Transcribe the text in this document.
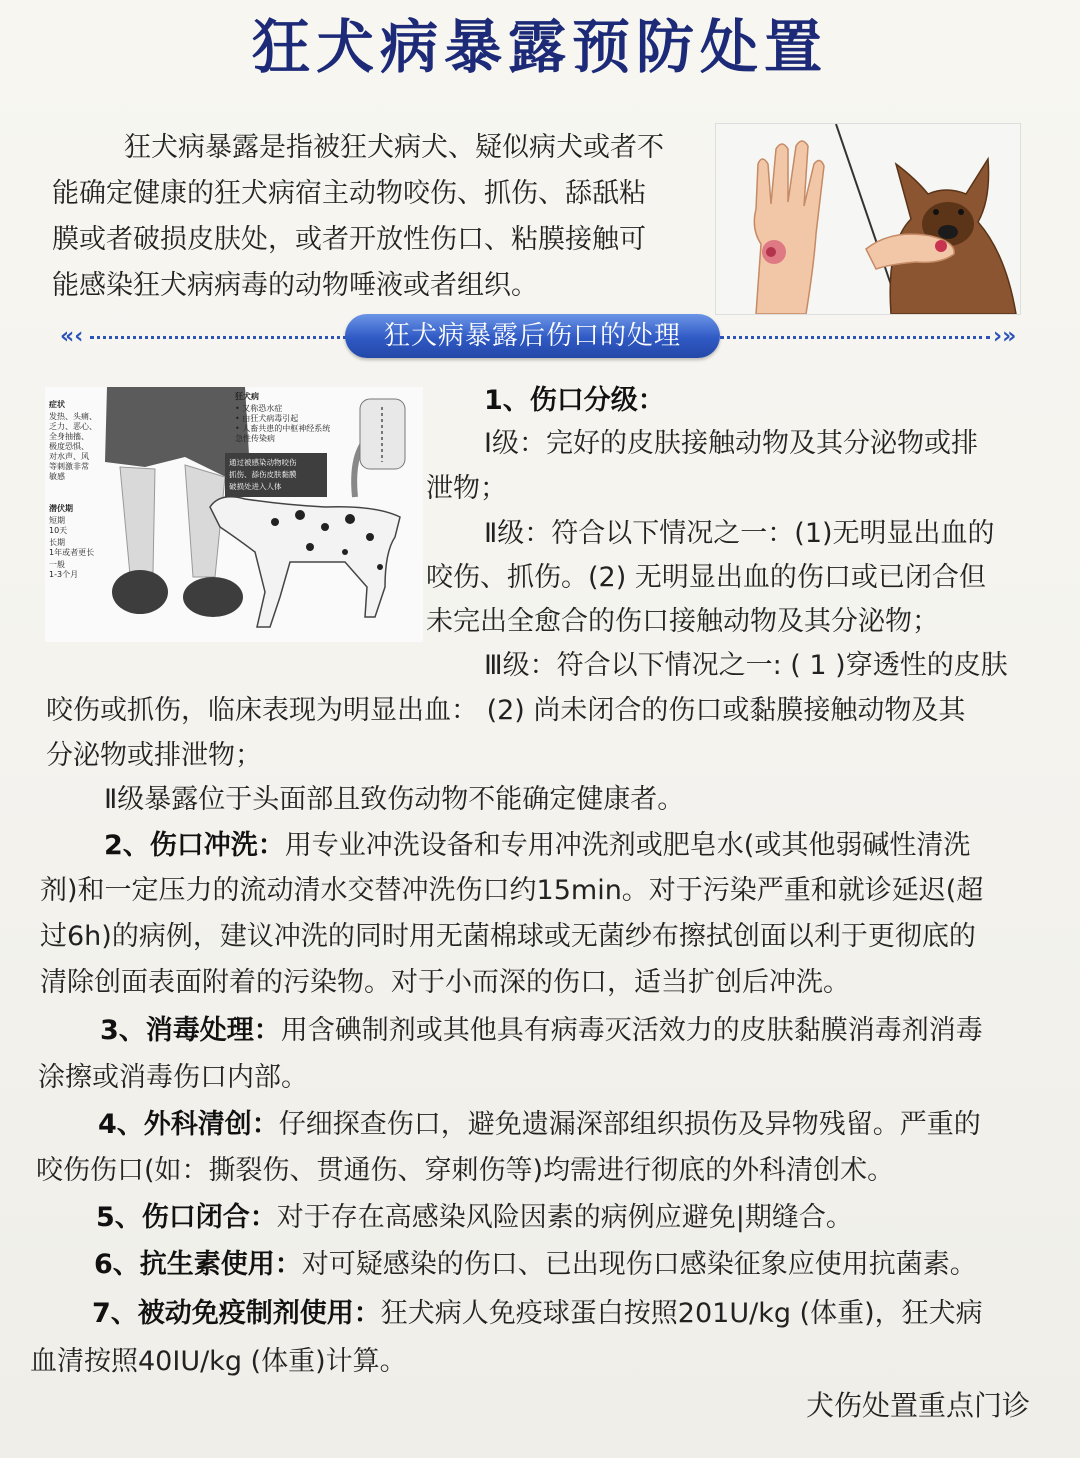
狂犬病暴露预防处置
狂犬病暴露是指被狂犬病犬、疑似病犬或者不
能确定健康的狂犬病宿主动物咬伤、抓伤、舔舐粘
膜或者破损皮肤处，或者开放性伤口、粘膜接触可
能感染狂犬病病毒的动物唾液或者组织。
«‹	狂犬病暴露后伤口的处理	›»
通过被感染动物咬伤
抓伤、舔伤皮肤黏膜
破损处进入人体
症状
发热、头痛、
乏力、恶心、
全身抽搐、
极度恐惧、
对水声、风
等刺激非常
敏感
潜伏期
短期
10天
长期
1年或者更长
一般
1-3个月
狂犬病
• 又称恐水症
• 由狂犬病毒引起
• 人畜共患的中枢神经系统
急性传染病
1、伤口分级：
Ⅰ级：完好的皮肤接触动物及其分泌物或排
泄物；
Ⅱ级：符合以下情况之一：(1)无明显出血的
咬伤、抓伤。(2) 无明显出血的伤口或已闭合但
未完出全愈合的伤口接触动物及其分泌物；
Ⅲ级：符合以下情况之一: ( 1 )穿透性的皮肤
咬伤或抓伤，临床表现为明显出血： (2) 尚未闭合的伤口或黏膜接触动物及其
分泌物或排泄物；
Ⅱ级暴露位于头面部且致伤动物不能确定健康者。
2、伤口冲洗：用专业冲洗设备和专用冲洗剂或肥皂水(或其他弱碱性清洗
剂)和一定压力的流动清水交替冲洗伤口约15min。对于污染严重和就诊延迟(超
过6h)的病例，建议冲洗的同时用无菌棉球或无菌纱布擦拭创面以利于更彻底的
清除创面表面附着的污染物。对于小而深的伤口，适当扩创后冲洗。
3、消毒处理：用含碘制剂或其他具有病毒灭活效力的皮肤黏膜消毒剂消毒
涂擦或消毒伤口内部。
4、外科清创：仔细探查伤口，避免遗漏深部组织损伤及异物残留。严重的
咬伤伤口(如：撕裂伤、贯通伤、穿刺伤等)均需进行彻底的外科清创术。
5、伤口闭合：对于存在高感染风险因素的病例应避免|期缝合。
6、抗生素使用：对可疑感染的伤口、已出现伤口感染征象应使用抗菌素。
7、被动免疫制剂使用：狂犬病人免疫球蛋白按照201U/kg (体重)，狂犬病
血清按照40IU/kg (体重)计算。
犬伤处置重点门诊
